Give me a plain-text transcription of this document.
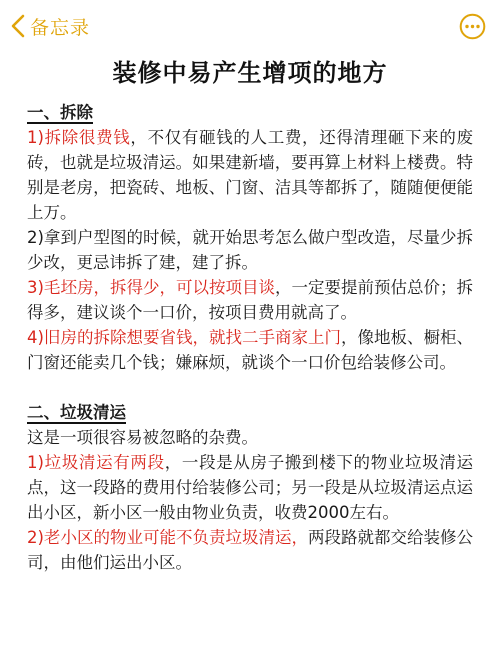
备忘录
装修中易产生增项的地方
一、拆除

1)拆除很费钱，不仅有砸钱的人工费，还得清理砸下来的废砖，也就是垃圾清运。如果建新墙，要再算上材料上楼费。特别是老房，把瓷砖、地板、门窗、洁具等都拆了，随随便便能上万。

2)拿到户型图的时候，就开始思考怎么做户型改造，尽量少拆少改，更忌讳拆了建，建了拆。

3)毛坯房，拆得少，可以按项目谈，一定要提前预估总价；拆得多，建议谈个一口价，按项目费用就高了。

4)旧房的拆除想要省钱，就找二手商家上门，像地板、橱柜、门窗还能卖几个钱；嫌麻烦，就谈个一口价包给装修公司。

二、垃圾清运

这是一项很容易被忽略的杂费。

1)垃圾清运有两段，一段是从房子搬到楼下的物业垃圾清运点，这一段路的费用付给装修公司；另一段是从垃圾清运点运出小区，新小区一般由物业负责，收费2000左右。

2)老小区的物业可能不负责垃圾清运，两段路就都交给装修公司，由他们运出小区。
